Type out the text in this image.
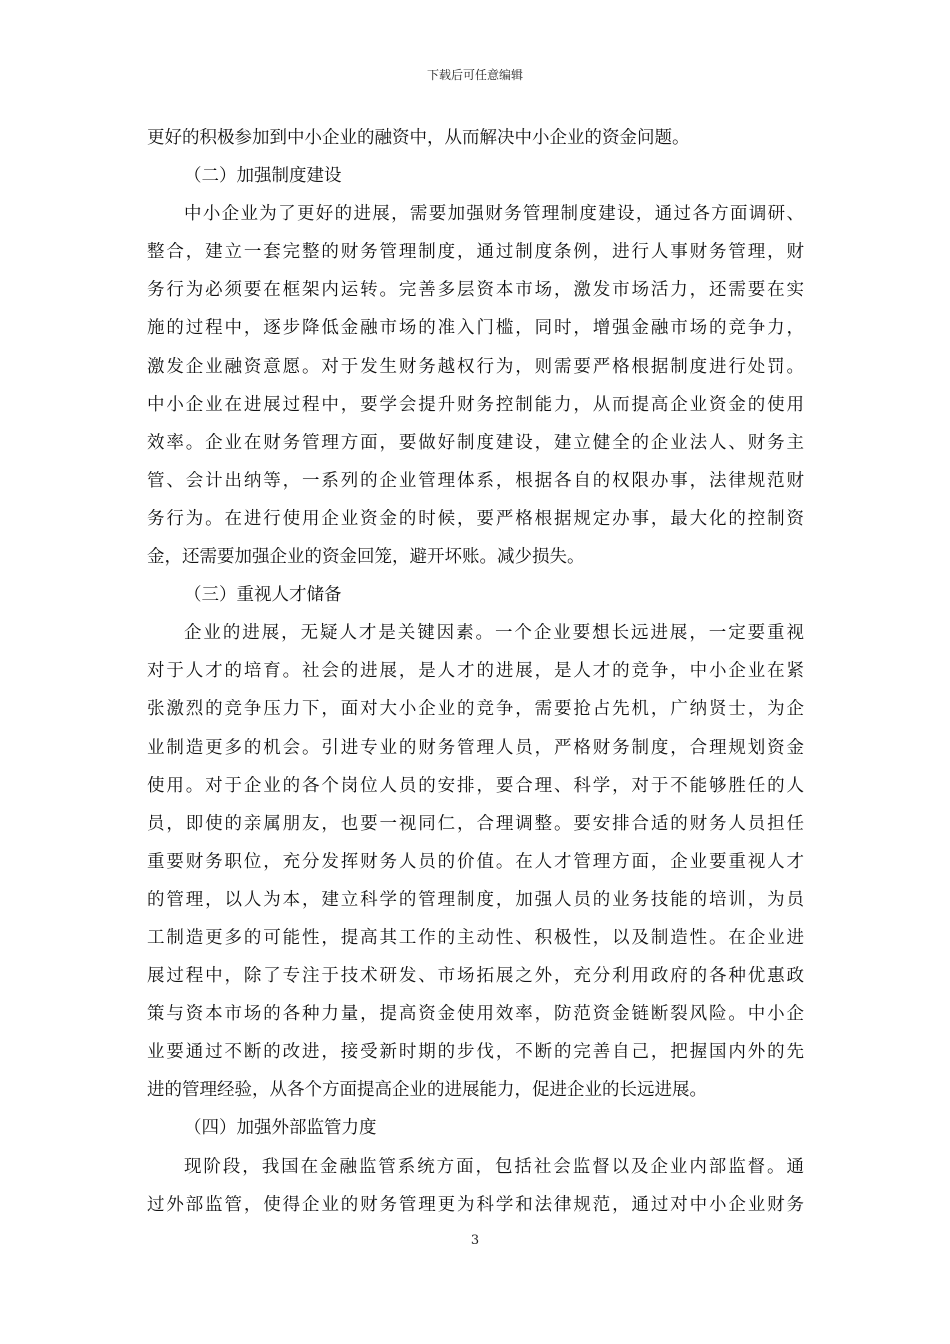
下载后可任意编辑
更好的积极参加到中小企业的融资中，从而解决中小企业的资金问题。
（二）加强制度建设
中小企业为了更好的进展，需要加强财务管理制度建设，通过各方面调研、
整合，建立一套完整的财务管理制度，通过制度条例，进行人事财务管理，财
务行为必须要在框架内运转。完善多层资本市场，激发市场活力，还需要在实
施的过程中，逐步降低金融市场的准入门槛，同时，增强金融市场的竞争力，
激发企业融资意愿。对于发生财务越权行为，则需要严格根据制度进行处罚。
中小企业在进展过程中，要学会提升财务控制能力，从而提高企业资金的使用
效率。企业在财务管理方面，要做好制度建设，建立健全的企业法人、财务主
管、会计出纳等，一系列的企业管理体系，根据各自的权限办事，法律规范财
务行为。在进行使用企业资金的时候，要严格根据规定办事，最大化的控制资
金，还需要加强企业的资金回笼，避开坏账。减少损失。
（三）重视人才储备
企业的进展，无疑人才是关键因素。一个企业要想长远进展，一定要重视
对于人才的培育。社会的进展，是人才的进展，是人才的竞争，中小企业在紧
张激烈的竞争压力下，面对大小企业的竞争，需要抢占先机，广纳贤士，为企
业制造更多的机会。引进专业的财务管理人员，严格财务制度，合理规划资金
使用。对于企业的各个岗位人员的安排，要合理、科学，对于不能够胜任的人
员，即使的亲属朋友，也要一视同仁，合理调整。要安排合适的财务人员担任
重要财务职位，充分发挥财务人员的价值。在人才管理方面，企业要重视人才
的管理，以人为本，建立科学的管理制度，加强人员的业务技能的培训，为员
工制造更多的可能性，提高其工作的主动性、积极性，以及制造性。在企业进
展过程中，除了专注于技术研发、市场拓展之外，充分利用政府的各种优惠政
策与资本市场的各种力量，提高资金使用效率，防范资金链断裂风险。中小企
业要通过不断的改进，接受新时期的步伐，不断的完善自己，把握国内外的先
进的管理经验，从各个方面提高企业的进展能力，促进企业的长远进展。
（四）加强外部监管力度
现阶段，我国在金融监管系统方面，包括社会监督以及企业内部监督。通
过外部监管，使得企业的财务管理更为科学和法律规范，通过对中小企业财务
3
